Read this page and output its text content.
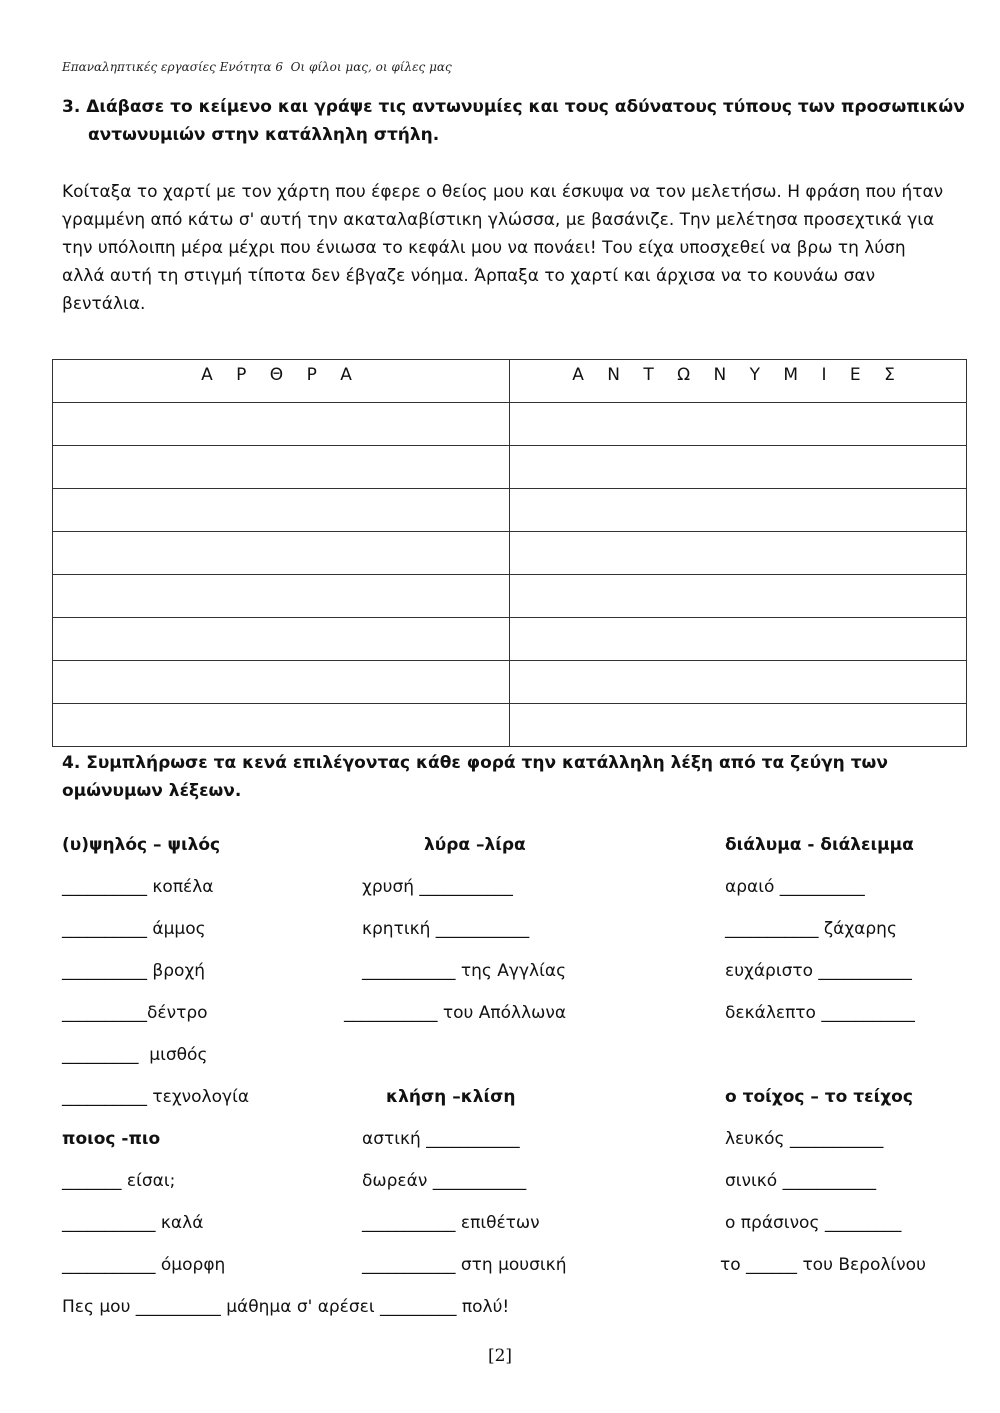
Επαναληπτικές εργασίες Ενότητα 6  Οι φίλοι μας, οι φίλες μας
3. Διάβασε το κείμενο και γράψε τις αντωνυμίες και τους αδύνατους τύπους των προσωπικών
αντωνυμιών στην κατάλληλη στήλη.
Κοίταξα το χαρτί με τον χάρτη που έφερε ο θείος μου και έσκυψα να τον μελετήσω. Η φράση που ήταν γραμμένη από κάτω σ' αυτή την ακαταλαβίστικη γλώσσα, με βασάνιζε. Την μελέτησα προσεχτικά για την υπόλοιπη μέρα μέχρι που ένιωσα το κεφάλι μου να πονάει! Του είχα υποσχεθεί να βρω τη λύση αλλά αυτή τη στιγμή τίποτα δεν έβγαζε νόημα. Άρπαξα το χαρτί και άρχισα να το κουνάω σαν βεντάλια.
Α Ρ Θ Ρ Α	Α Ν Τ Ω Ν Υ Μ Ι Ε Σ

4. Συμπλήρωσε τα κενά επιλέγοντας κάθε φορά την κατάλληλη λέξη από τα ζεύγη των
ομώνυμων λέξεων.
(υ)ψηλός – ψιλός
__________ κοπέλα
__________ άμμος
__________ βροχή
__________δέντρο
_________  μισθός
__________ τεχνολογία
ποιος -πιο
_______ είσαι;
___________ καλά
___________ όμορφη
λύρα –λίρα
χρυσή ___________
κρητική ___________
___________ της Αγγλίας
___________ του Απόλλωνα
κλήση –κλίση
αστική ___________
δωρεάν ___________
___________ επιθέτων
___________ στη μουσική
διάλυμα - διάλειμμα
αραιό __________
___________ ζάχαρης
ευχάριστο ___________
δεκάλεπτο ___________
ο τοίχος – το τείχος
λευκός ___________
σινικό ___________
ο πράσινος _________
το ______ του Βερολίνου
Πες μου __________ μάθημα σ' αρέσει _________ πολύ!
[2]
